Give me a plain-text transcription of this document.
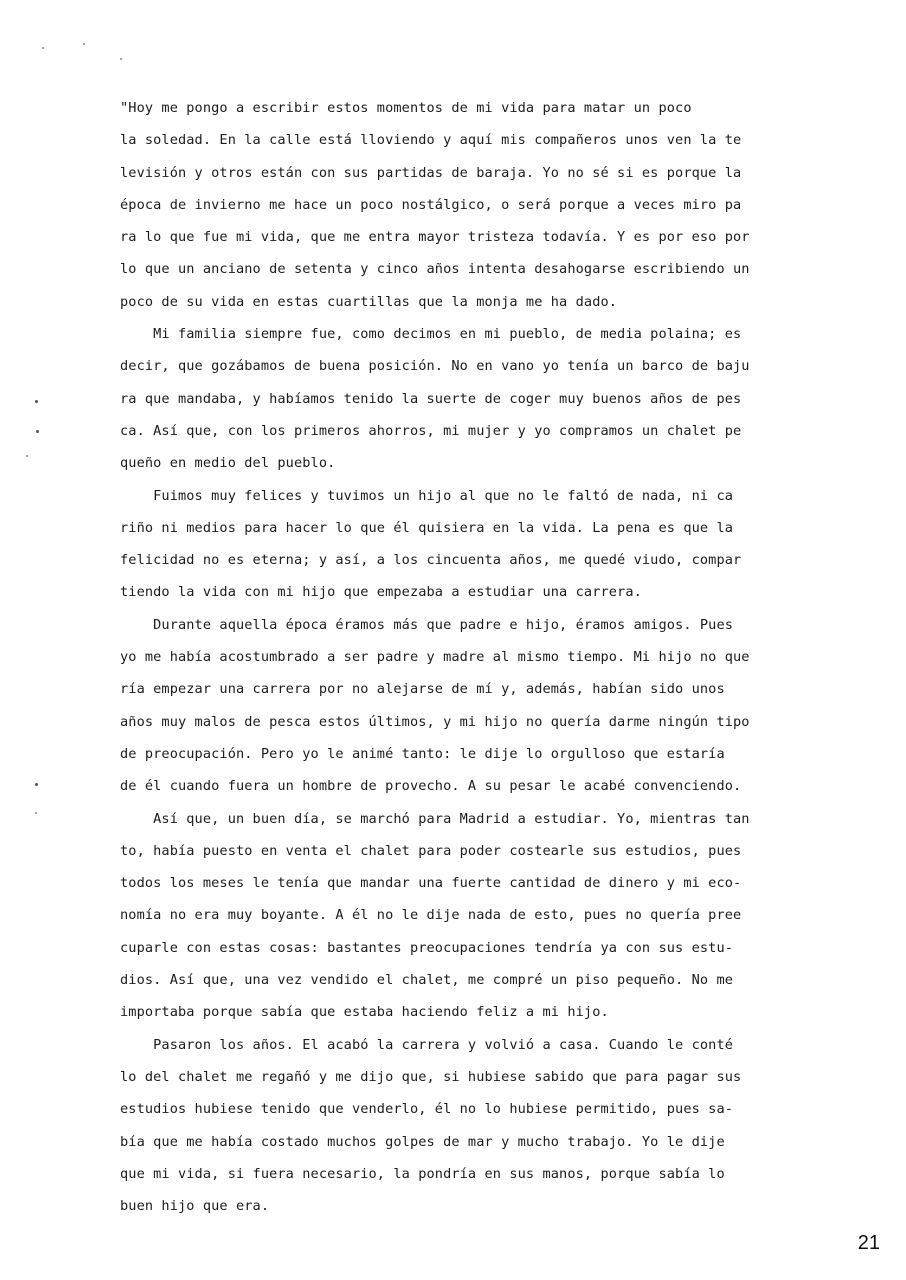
"Hoy me pongo a escribir estos momentos de mi vida para matar un poco
la soledad. En la calle está lloviendo y aquí mis compañeros unos ven la te
levisión y otros están con sus partidas de baraja. Yo no sé si es porque la
época de invierno me hace un poco nostálgico, o será porque a veces miro pa
ra lo que fue mi vida, que me entra mayor tristeza todavía. Y es por eso por
lo que un anciano de setenta y cinco años intenta desahogarse escribiendo un
poco de su vida en estas cuartillas que la monja me ha dado.
Mi familia siempre fue, como decimos en mi pueblo, de media polaina; es
decir, que gozábamos de buena posición. No en vano yo tenía un barco de baju
ra que mandaba, y habíamos tenido la suerte de coger muy buenos años de pes
ca. Así que, con los primeros ahorros, mi mujer y yo compramos un chalet pe
queño en medio del pueblo.
Fuimos muy felices y tuvimos un hijo al que no le faltó de nada, ni ca
riño ni medios para hacer lo que él quisiera en la vida. La pena es que la
felicidad no es eterna; y así, a los cincuenta años, me quedé viudo, compar
tiendo la vida con mi hijo que empezaba a estudiar una carrera.
Durante aquella época éramos más que padre e hijo, éramos amigos. Pues
yo me había acostumbrado a ser padre y madre al mismo tiempo. Mi hijo no que
ría empezar una carrera por no alejarse de mí y, además, habían sido unos
años muy malos de pesca estos últimos, y mi hijo no quería darme ningún tipo
de preocupación. Pero yo le animé tanto: le dije lo orgulloso que estaría
de él cuando fuera un hombre de provecho. A su pesar le acabé convenciendo.
Así que, un buen día, se marchó para Madrid a estudiar. Yo, mientras tan
to, había puesto en venta el chalet para poder costearle sus estudios, pues
todos los meses le tenía que mandar una fuerte cantidad de dinero y mi eco-
nomía no era muy boyante. A él no le dije nada de esto, pues no quería pree
cuparle con estas cosas: bastantes preocupaciones tendría ya con sus estu-
dios. Así que, una vez vendido el chalet, me compré un piso pequeño. No me
importaba porque sabía que estaba haciendo feliz a mi hijo.
Pasaron los años. El acabó la carrera y volvió a casa. Cuando le conté
lo del chalet me regañó y me dijo que, si hubiese sabido que para pagar sus
estudios hubiese tenido que venderlo, él no lo hubiese permitido, pues sa-
bía que me había costado muchos golpes de mar y mucho trabajo. Yo le dije
que mi vida, si fuera necesario, la pondría en sus manos, porque sabía lo
buen hijo que era.
21
